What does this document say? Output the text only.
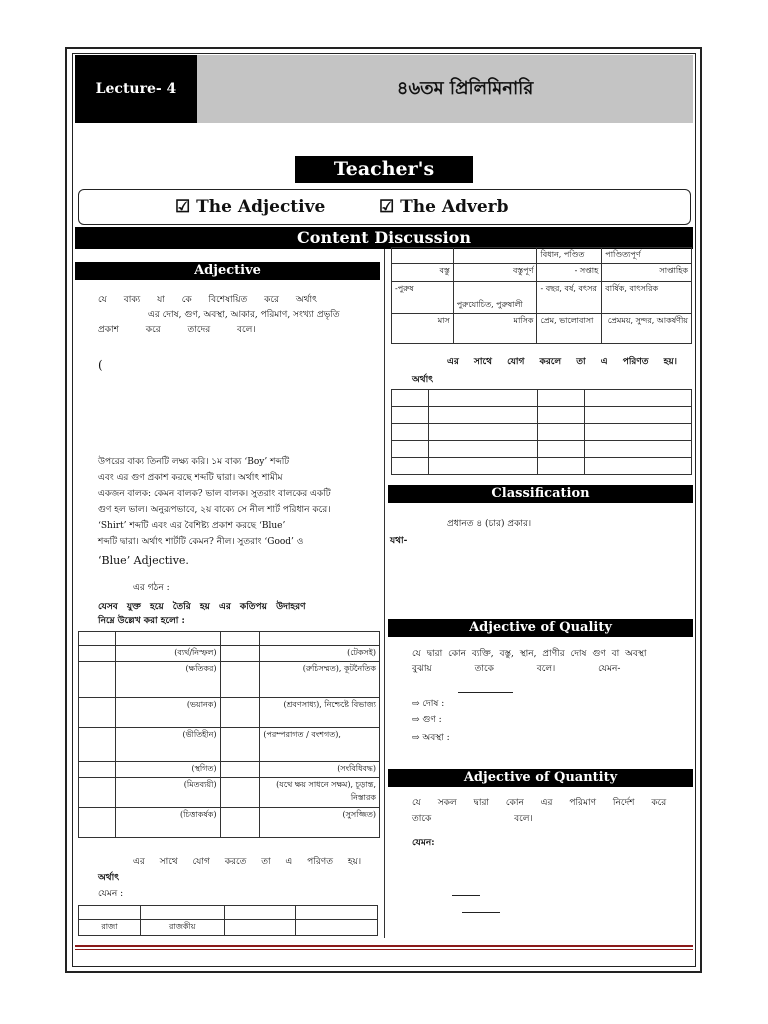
Lecture- 4	৪৬তম প্রিলিমিনারি
Teacher's Content
☑ The Adjective	☑ The Adverb
Content Discussion
Adjective
যে বাক্য যা কে বিশেষায়িত করে অর্থাৎ
এর দোষ, গুণ, অবস্থা, আকার, পরিমাণ, সংখ্যা প্রভৃতি
প্রকাশ করে তাদের বলে।
(
উপরের বাক্য তিনটি লক্ষ্য করি। ১ম বাক্য ‘Boy’ শব্দটি
এবং এর গুণ প্রকাশ করছে শব্দটি দ্বারা। অর্থাৎ শামীম
একজন বালক: কেমন বালক? ভাল বালক। সুতরাং বালকের একটি
গুণ হল ভাল। অনুরূপভাবে, ২য় বাক্যে সে নীল শার্ট পরিধান করে।
‘Shirt’ শব্দটি এবং এর বৈশিষ্ট্য প্রকাশ করছে ‘Blue’
শব্দটি দ্বারা। অর্থাৎ শার্টটি কেমন? নীল। সুতরাং ‘Good’ ও
‘Blue’ Adjective.
এর গঠন :
যেসব যুক্ত হয়ে তৈরি হয় এর কতিপয় উদাহরণ
নিম্নে উল্লেখ করা হলো :

	(ব্যর্থ/নিস্ফল)		(টেকসই)
	(ক্ষতিকর)		(রুচিসম্মত), কূটনৈতিক
	(ভয়ানক)		(শ্রবণসাধ্য), নিশ্চেষ্টে বিভাজ্য
	(ভীতিহীন)		(পরম্পরাগত / বংশগত),
	(স্থগিত)		(সংবিধিবদ্ধ)
	(মিতব্যয়ী)		(যথে ক্ষয় সাধনে সক্ষম), চূড়ান্ত, নিস্তারক
	(চিত্তাকর্ষক)		(সুসজ্জিত)
এর সাথে যোগ করতে তা এ পরিণত হয়।
অর্থাৎ
যেমন :

রাজা	রাজকীয়		
		বিধান, পণ্ডিত	পাণ্ডিত্যপূর্ণ
বস্তু	বস্তুপূর্ণ	- সপ্তাহ	সাপ্তাহিক
-পুরুষ	পুরুযোচিত, পুরুষালী	- বছর, বর্ষ, বৎসর	বার্ষিক, বাৎসরিক
মাস	মাসিক	প্রেম, ভালোবাসা	প্রেমময়, সুন্দর, আকর্ষণীয়
এর সাথে যোগ করলে তা এ পরিণত হয়।
অর্থাৎ

Classification
প্রধানত ৪ (চার) প্রকার।
যথা-
Adjective of Quality
যে দ্বারা কোন ব্যক্তি, বস্তু, স্থান, প্রাণীর দোষ গুণ বা অবস্থা
বুঝায় তাকে বলে। যেমন-
⇨ দোষ :
⇨ গুণ :
⇨ অবস্থা :
Adjective of Quantity
যে সকল দ্বারা কোন এর পরিমাণ নির্দেশ করে
তাকে বলে।
যেমন:
